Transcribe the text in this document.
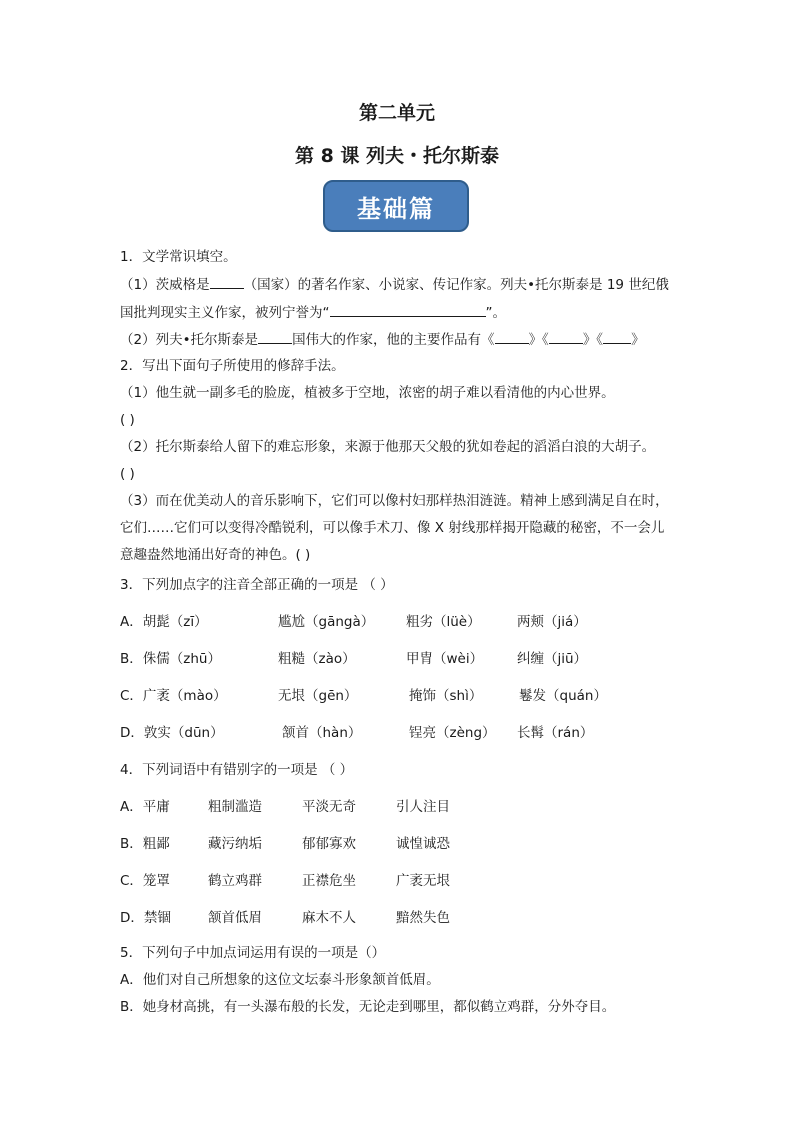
第二单元
第 8 课 列夫・托尔斯泰
基础篇
1．文学常识填空。
（1）茨威格是	（国家）的著名作家、小说家、传记作家。列夫•托尔斯泰是 19 世纪俄
国批判现实主义作家，被列宁誉为“	”。
（2）列夫•托尔斯泰是	国伟大的作家，他的主要作品有《	》《	》《 》
2．写出下面句子所使用的修辞手法。
（1）他生就一副多毛的脸庞，植被多于空地，浓密的胡子难以看清他的内心世界。
( )
（2）托尔斯泰给人留下的难忘形象，来源于他那天父般的犹如卷起的滔滔白浪的大胡子。
( )
（3）而在优美动人的音乐影响下，它们可以像村妇那样热泪涟涟。精神上感到满足自在时，
它们……它们可以变得冷酷锐利，可以像手术刀、像 X 射线那样揭开隐藏的秘密，不一会儿
意趣盎然地涌出好奇的神色。( )
3．下列加点字的注音全部正确的一项是 （ ）
A．胡髭（zī）	尴尬（gāngà） 粗劣（lüè）	两颊（jiá）
B．侏儒（zhū）	粗糙（zào）	甲胄（wèi）	纠缠（jiū）
C．广袤（mào）	无垠（gēn）	掩饰（shì）	鬈发（quán）
D．敦实（dūn）	颔首（hàn）	锃亮（zèng） 长髯（rán）
4．下列词语中有错别字的一项是 （ ）
A．平庸	粗制滥造	平淡无奇	引人注目
B．粗鄙	藏污纳垢	郁郁寡欢	诚惶诚恐
C．笼罩	鹤立鸡群	正襟危坐	广袤无垠
D．禁锢	颔首低眉	麻木不人	黯然失色
5．下列句子中加点词运用有误的一项是（）
A．他们对自己所想象的这位文坛泰斗形象颔首低眉。
B．她身材高挑，有一头瀑布般的长发，无论走到哪里，都似鹤立鸡群，分外夺目。
